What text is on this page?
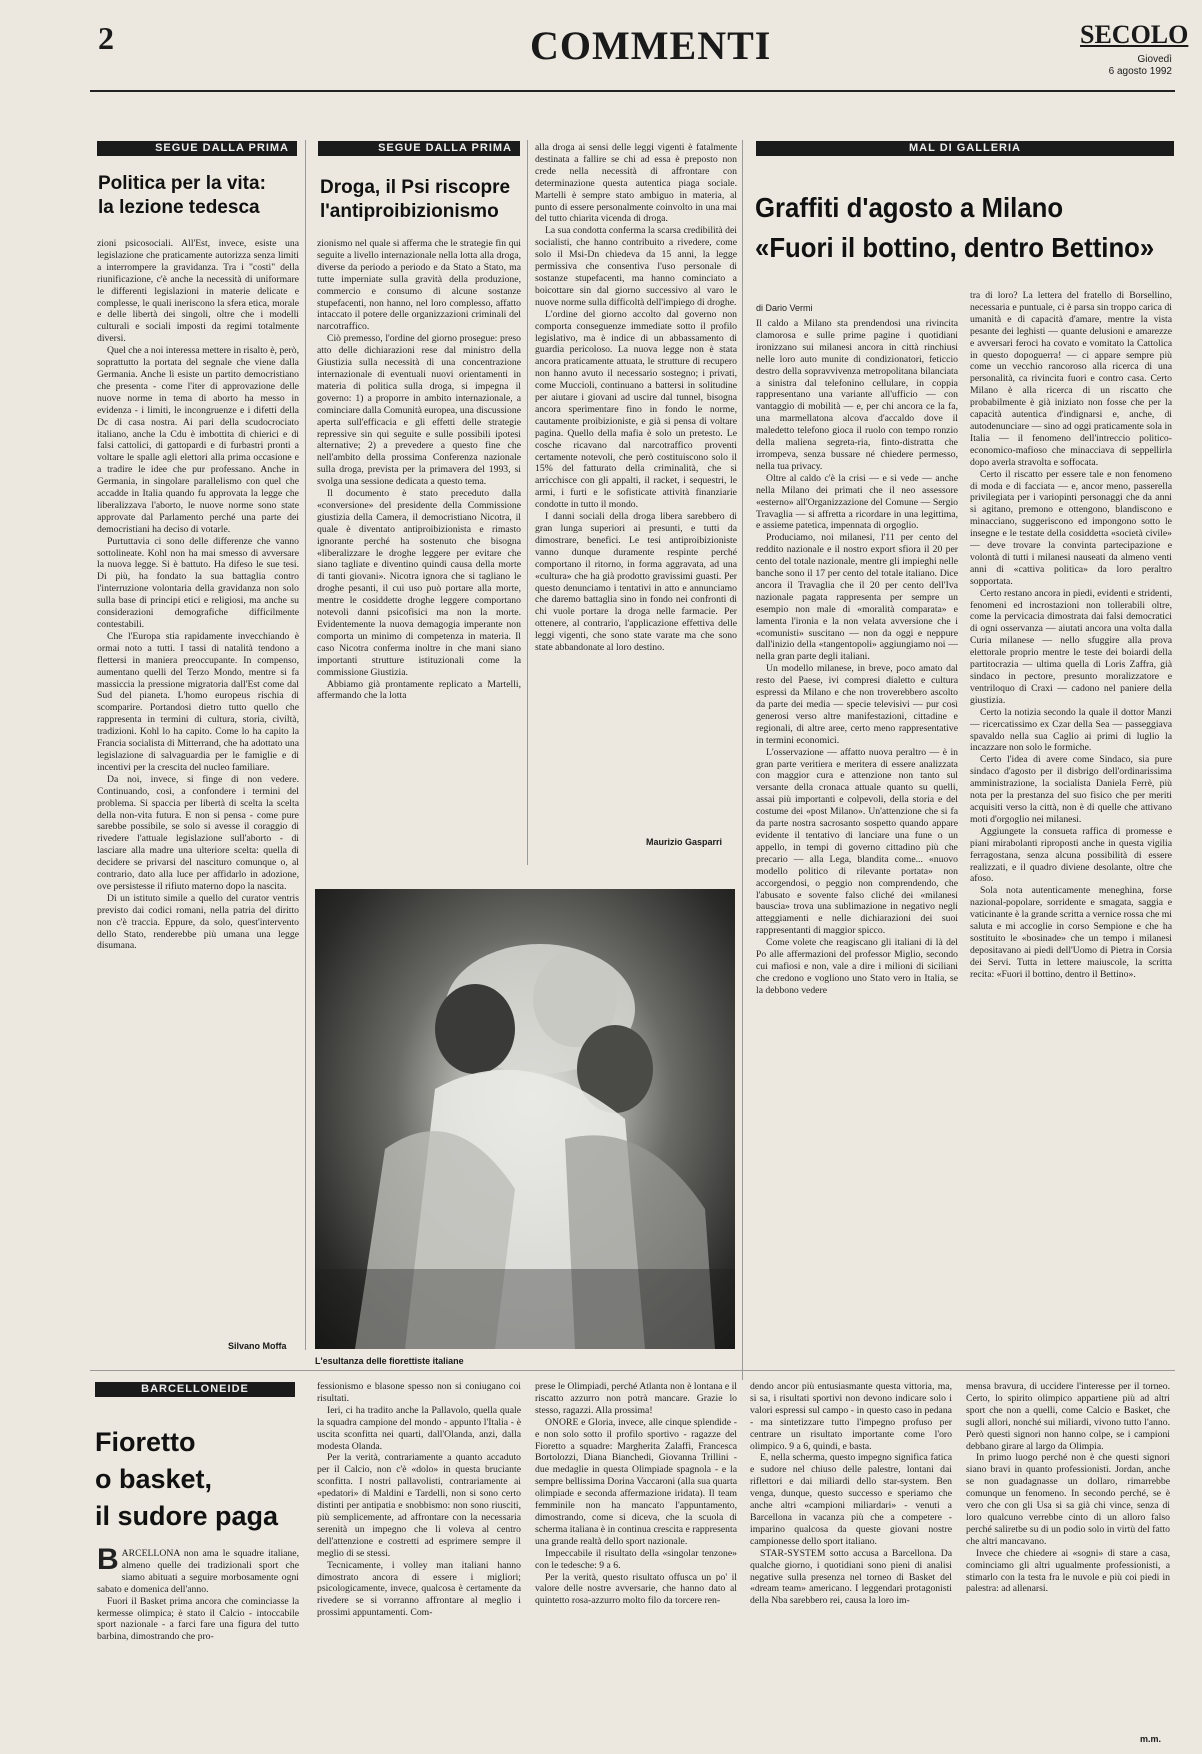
2	COMMENTI	SECOLO
Giovedì
6 agosto 1992
SEGUE DALLA PRIMA
Politica per la vita:
la lezione tedesca

zioni psicosociali. All'Est, invece, esiste una legislazione che praticamente autorizza senza limiti a interrompere la gravidanza. Tra i "costi" della riunificazione, c'è anche la necessità di uniformare le differenti legislazioni in materie delicate e complesse, le quali ineriscono la sfera etica, morale e delle libertà dei singoli, oltre che i modelli culturali e sociali imposti da regimi totalmente diversi.

Quel che a noi interessa mettere in risalto è, però, soprattutto la portata del segnale che viene dalla Germania. Anche lì esiste un partito democristiano che presenta - come l'iter di approvazione delle nuove norme in tema di aborto ha messo in evidenza - i limiti, le incongruenze e i difetti della Dc di casa nostra. Ai pari della scudocrociato italiano, anche la Cdu è imbottita di chierici e di falsi cattolici, di gattopardi e di furbastri pronti a voltare le spalle agli elettori alla prima occasione e a tradire le idee che pur professano. Anche in Germania, in singolare parallelismo con quel che accadde in Italia quando fu approvata la legge che liberalizzava l'aborto, le nuove norme sono state approvate dal Parlamento perché una parte dei democristiani ha deciso di votarle.

Purtuttavia ci sono delle differenze che vanno sottolineate. Kohl non ha mai smesso di avversare la nuova legge. Si è battuto. Ha difeso le sue tesi. Di più, ha fondato la sua battaglia contro l'interruzione volontaria della gravidanza non solo sulla base di principi etici e religiosi, ma anche su considerazioni demografiche difficilmente contestabili.

Che l'Europa stia rapidamente invecchiando è ormai noto a tutti. I tassi di natalità tendono a flettersi in maniera preoccupante. In compenso, aumentano quelli del Terzo Mondo, mentre si fa massiccia la pressione migratoria dall'Est come dal Sud del pianeta. L'homo europeus rischia di scomparire. Portandosi dietro tutto quello che rappresenta in termini di cultura, storia, civiltà, tradizioni. Kohl lo ha capito. Come lo ha capito la Francia socialista di Mitterrand, che ha adottato una legislazione di salvaguardia per le famiglie e di incentivi per la crescita del nucleo familiare.

Da noi, invece, si finge di non vedere. Continuando, così, a confondere i termini del problema. Si spaccia per libertà di scelta la scelta della non-vita futura. E non si pensa - come pure sarebbe possibile, se solo si avesse il coraggio di rivedere l'attuale legislazione sull'aborto - di lasciare alla madre una ulteriore scelta: quella di decidere se privarsi del nascituro comunque o, al contrario, dato alla luce per affidarlo in adozione, ove persistesse il rifiuto materno dopo la nascita.

Di un istituto simile a quello del curator ventris previsto dai codici romani, nella patria del diritto non c'è traccia. Eppure, da solo, quest'intervento dello Stato, renderebbe più umana una legge disumana.

Silvano Moffa
SEGUE DALLA PRIMA
Droga, il Psi riscopre
l'antiproibizionismo

zionismo nel quale si afferma che le strategie fin qui seguite a livello internazionale nella lotta alla droga, diverse da periodo a periodo e da Stato a Stato, ma tutte imperniate sulla gravità della produzione, commercio e consumo di alcune sostanze stupefacenti, non hanno, nel loro complesso, affatto intaccato il potere delle organizzazioni criminali del narcotraffico.

Ciò premesso, l'ordine del giorno prosegue: preso atto delle dichiarazioni rese dal ministro della Giustizia sulla necessità di una concentrazione internazionale di eventuali nuovi orientamenti in materia di politica sulla droga, si impegna il governo: 1) a proporre in ambito internazionale, a cominciare dalla Comunità europea, una discussione aperta sull'efficacia e gli effetti delle strategie repressive sin qui seguite e sulle possibili ipotesi alternative; 2) a prevedere a questo fine che nell'ambito della prossima Conferenza nazionale sulla droga, prevista per la primavera del 1993, si svolga una sessione dedicata a questo tema.

Il documento è stato preceduto dalla «conversione» del presidente della Commissione giustizia della Camera, il democristiano Nicotra, il quale è diventato antiproibizionista e rimasto ignorante perché ha sostenuto che bisogna «liberalizzare le droghe leggere per evitare che siano tagliate e diventino quindi causa della morte di tanti giovani». Nicotra ignora che si tagliano le droghe pesanti, il cui uso può portare alla morte, mentre le cosiddette droghe leggere comportano notevoli danni psicofisici ma non la morte. Evidentemente la nuova demagogia imperante non comporta un minimo di competenza in materia. Il caso Nicotra conferma inoltre in che mani siano importanti strutture istituzionali come la commissione Giustizia.

Abbiamo già prontamente replicato a Martelli, affermando che la lotta

alla droga ai sensi delle leggi vigenti è fatalmente destinata a fallire se chi ad essa è preposto non crede nella necessità di affrontare con determinazione questa autentica piaga sociale. Martelli è sempre stato ambiguo in materia, al punto di essere personalmente coinvolto in una mai del tutto chiarita vicenda di droga.

La sua condotta conferma la scarsa credibilità dei socialisti, che hanno contribuito a rivedere, come solo il Msi-Dn chiedeva da 15 anni, la legge permissiva che consentiva l'uso personale di sostanze stupefacenti, ma hanno cominciato a boicottare sin dal giorno successivo al varo le nuove norme sulla difficoltà dell'impiego di droghe.

L'ordine del giorno accolto dal governo non comporta conseguenze immediate sotto il profilo legislativo, ma è indice di un abbassamento di guardia pericoloso. La nuova legge non è stata ancora praticamente attuata, le strutture di recupero non hanno avuto il necessario sostegno; i privati, come Muccioli, continuano a battersi in solitudine per aiutare i giovani ad uscire dal tunnel, bisogna ancora sperimentare fino in fondo le norme, cautamente proibizioniste, e già si pensa di voltare pagina. Quello della mafia è solo un pretesto. Le cosche ricavano dal narcotraffico proventi certamente notevoli, che però costituiscono solo il 15% del fatturato della criminalità, che si arricchisce con gli appalti, il racket, i sequestri, le armi, i furti e le sofisticate attività finanziarie condotte in tutto il mondo.

I danni sociali della droga libera sarebbero di gran lunga superiori ai presunti, e tutti da dimostrare, benefici. Le tesi antiproibizioniste vanno dunque duramente respinte perché comportano il ritorno, in forma aggravata, ad una «cultura» che ha già prodotto gravissimi guasti. Per questo denunciamo i tentativi in atto e annunciamo che daremo battaglia sino in fondo nei confronti di chi vuole portare la droga nelle farmacie. Per ottenere, al contrario, l'applicazione effettiva delle leggi vigenti, che sono state varate ma che sono state abbandonate al loro destino.

Maurizio Gasparri
L'esultanza delle fiorettiste italiane
MAL DI GALLERIA
Graffiti d'agosto a Milano
«Fuori il bottino, dentro Bettino»
di Dario Vermi

Il caldo a Milano sta prendendosi una rivincita clamorosa e sulle prime pagine i quotidiani ironizzano sui milanesi ancora in città rinchiusi nelle loro auto munite di condizionatori, feticcio destro della sopravvivenza metropolitana bilanciata a sinistra dal telefonino cellulare, in coppia rappresentano una variante all'ufficio — con vantaggio di mobilità — e, per chi ancora ce la fa, una marmellatona alcova d'accaldo dove il maledetto telefono gioca il ruolo con tempo ronzio della maliena segreta-ria, finto-distratta che irrompeva, senza bussare né chiedere permesso, nella tua privacy.

Oltre al caldo c'è la crisi — e si vede — anche nella Milano dei primati che il neo assessore «esterno» all'Organizzazione del Comune — Sergio Travaglia — si affretta a ricordare in una legittima, e assieme patetica, impennata di orgoglio.

Produciamo, noi milanesi, l'11 per cento del reddito nazionale e il nostro export sfiora il 20 per cento del totale nazionale, mentre gli impieghi nelle banche sono il 17 per cento del totale italiano. Dice ancora il Travaglia che il 20 per cento dell'Iva nazionale pagata rappresenta per sempre un esempio non male di «moralità comparata» e lamenta l'ironia e la non velata avversione che i «comunisti» suscitano — non da oggi e neppure dall'inizio della «tangentopoli» aggiungiamo noi — nella gran parte degli italiani.

Un modello milanese, in breve, poco amato dal resto del Paese, ivi compresi dialetto e cultura espressi da Milano e che non troverebbero ascolto da parte dei media — specie televisivi — pur così generosi verso altre manifestazioni, cittadine e regionali, di altre aree, certo meno rappresentative in termini economici.

L'osservazione — affatto nuova peraltro — è in gran parte veritiera e meritera di essere analizzata con maggior cura e attenzione non tanto sul versante della cronaca attuale quanto su quelli, assai più importanti e colpevoli, della storia e del costume dei «post Milano». Un'attenzione che si fa da parte nostra sacrosanto sospetto quando appare evidente il tentativo di lanciare una fune o un appello, in tempi di governo cittadino più che precario — alla Lega, blandita come... «nuovo modello politico di rilevante portata» non accorgendosi, o peggio non comprendendo, che l'abusato e sovente falso cliché dei «milanesi bauscia» trova una sublimazione in negativo negli atteggiamenti e nelle dichiarazioni dei suoi rappresentanti di maggior spicco.

Come volete che reagiscano gli italiani di là del Po alle affermazioni del professor Miglio, secondo cui mafiosi e non, vale a dire i milioni di siciliani che credono e vogliono uno Stato vero in Italia, se la debbono vedere

tra di loro? La lettera del fratello di Borsellino, necessaria e puntuale, ci è parsa sin troppo carica di umanità e di capacità d'amare, mentre la vista pesante dei leghisti — quante delusioni e amarezze e avversari feroci ha covato e vomitato la Cattolica in questo dopoguerra! — ci appare sempre più come un vecchio rancoroso alla ricerca di una personalità, ca rivincita fuori e contro casa. Certo Milano è alla ricerca di un riscatto che probabilmente è già iniziato non fosse che per la capacità autentica d'indignarsi e, anche, di autodenunciare — sino ad oggi praticamente sola in Italia — il fenomeno dell'intreccio politico-economico-mafioso che minacciava di seppellirla dopo averla stravolta e soffocata.

Certo il riscatto per essere tale e non fenomeno di moda e di facciata — e, ancor meno, passerella privilegiata per i variopinti personaggi che da anni si agitano, premono e ottengono, blandiscono e minacciano, suggeriscono ed impongono sotto le insegne e le testate della cosiddetta «società civile» — deve trovare la convinta partecipazione e volontà di tutti i milanesi nauseati da almeno venti anni di «cattiva politica» da loro peraltro sopportata.

Certo restano ancora in piedi, evidenti e stridenti, fenomeni ed incrostazioni non tollerabili oltre, come la pervicacia dimostrata dai falsi democratici di ogni osservanza — aiutati ancora una volta dalla Curia milanese — nello sfuggire alla prova elettorale proprio mentre le teste dei boiardi della partitocrazia — ultima quella di Loris Zaffra, già sindaco in pectore, presunto moralizzatore e ventriloquo di Craxi — cadono nel paniere della giustizia.

Certo la notizia secondo la quale il dottor Manzi — ricercatissimo ex Czar della Sea — passeggiava spavaldo nella sua Caglio ai primi di luglio la incazzare non solo le formiche.

Certo l'idea di avere come Sindaco, sia pure sindaco d'agosto per il disbrigo dell'ordinarissima amministrazione, la socialista Daniela Ferrè, più nota per la prestanza del suo fisico che per meriti acquisiti verso la città, non è di quelle che attivano moti d'orgoglio nei milanesi.

Aggiungete la consueta raffica di promesse e piani mirabolanti riproposti anche in questa vigilia ferragostana, senza alcuna possibilità di essere realizzati, e il quadro diviene desolante, oltre che afoso.

Sola nota autenticamente meneghina, forse nazional-popolare, sorridente e smagata, saggia e vaticinante è la grande scritta a vernice rossa che mi saluta e mi accoglie in corso Sempione e che ha sostituito le «bosinade» che un tempo i milanesi depositavano ai piedi dell'Uomo di Pietra in Corsia dei Servi. Tutta in lettere maiuscole, la scritta recita: «Fuori il bottino, dentro il Bettino».

BARCELLONEIDE
Fioretto
o basket,
il sudore paga

BARCELLONA non ama le squadre italiane, almeno quelle dei tradizionali sport che siamo abituati a seguire morbosamente ogni sabato e domenica dell'anno.

Fuori il Basket prima ancora che cominciasse la kermesse olimpica; è stato il Calcio - intoccabile sport nazionale - a farci fare una figura del tutto barbina, dimostrando che pro-

fessionismo e blasone spesso non si coniugano coi risultati.

Ieri, ci ha tradito anche la Pallavolo, quella quale la squadra campione del mondo - appunto l'Italia - è uscita sconfitta nei quarti, dall'Olanda, anzi, dalla modesta Olanda.

Per la verità, contrariamente a quanto accaduto per il Calcio, non c'è «dolo» in questa bruciante sconfitta. I nostri pallavolisti, contrariamente ai «pedatori» di Maldini e Tardelli, non si sono certo distinti per antipatia e snobbismo: non sono riusciti, più semplicemente, ad affrontare con la necessaria serenità un impegno che li voleva al centro dell'attenzione e costretti ad esprimere sempre il meglio di se stessi.

Tecnicamente, i volley man italiani hanno dimostrato ancora di essere i migliori; psicologicamente, invece, qualcosa è certamente da rivedere se si vorranno affrontare al meglio i prossimi appuntamenti. Com-

prese le Olimpiadi, perché Atlanta non è lontana e il riscatto azzurro non potrà mancare. Grazie lo stesso, ragazzi. Alla prossima!

ONORE e Gloria, invece, alle cinque splendide - e non solo sotto il profilo sportivo - ragazze del Fioretto a squadre: Margherita Zalaffi, Francesca Bortolozzi, Diana Bianchedi, Giovanna Trillini - due medaglie in questa Olimpiade spagnola - e la sempre bellissima Dorina Vaccaroni (alla sua quarta olimpiade e seconda affermazione iridata). Il team femminile non ha mancato l'appuntamento, dimostrando, come si diceva, che la scuola di scherma italiana è in continua crescita e rappresenta una grande realtà dello sport nazionale.

Impeccabile il risultato della «singolar tenzone» con le tedesche: 9 a 6.

Per la verità, questo risultato offusca un po' il valore delle nostre avversarie, che hanno dato al quintetto rosa-azzurro molto filo da torcere ren-

dendo ancor più entusiasmante questa vittoria, ma, si sa, i risultati sportivi non devono indicare solo i valori espressi sul campo - in questo caso in pedana - ma sintetizzare tutto l'impegno profuso per centrare un risultato importante come l'oro olimpico. 9 a 6, quindi, e basta.

E, nella scherma, questo impegno significa fatica e sudore nel chiuso delle palestre, lontani dai riflettori e dai miliardi dello star-system. Ben venga, dunque, questo successo e speriamo che anche altri «campioni miliardari» - venuti a Barcellona in vacanza più che a competere - imparino qualcosa da queste giovani nostre campionesse dello sport italiano.

STAR-SYSTEM sotto accusa a Barcellona. Da qualche giorno, i quotidiani sono pieni di analisi negative sulla presenza nel torneo di Basket del «dream team» americano. I leggendari protagonisti della Nba sarebbero rei, causa la loro im-

mensa bravura, di uccidere l'interesse per il torneo. Certo, lo spirito olimpico appartiene più ad altri sport che non a quelli, come Calcio e Basket, che sugli allori, nonché sui miliardi, vivono tutto l'anno. Però questi signori non hanno colpe, se i campioni debbano girare al largo da Olimpia.

In primo luogo perché non è che questi signori siano bravi in quanto professionisti. Jordan, anche se non guadagnasse un dollaro, rimarrebbe comunque un fenomeno. In secondo perché, se è vero che con gli Usa si sa già chi vince, senza di loro qualcuno verrebbe cinto di un alloro falso perché saliretbe su di un podio solo in virtù del fatto che altri mancavano.

Invece che chiedere ai «sogni» di stare a casa, cominciamo gli altri ugualmente professionisti, a stimarlo con la testa fra le nuvole e più coi piedi in palestra: ad allenarsi.

m.m.
